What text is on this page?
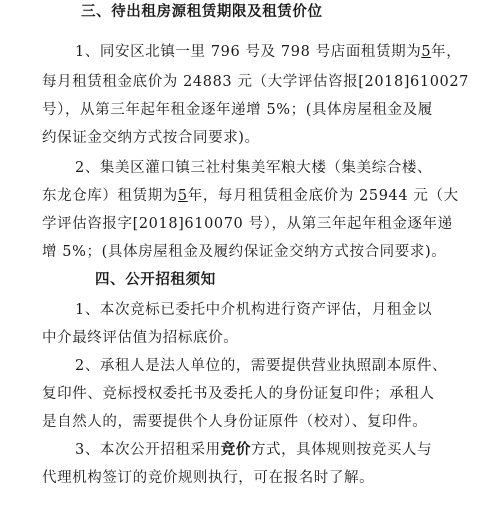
三、待出租房源租赁期限及租赁价位
1、同安区北镇一里 796 号及 798 号店面租赁期为5年，
每月租赁租金底价为 24883 元（大学评估咨报[2018]610027
号），从第三年起年租金逐年递增 5%；(具体房屋租金及履
约保证金交纳方式按合同要求)。
2、集美区灌口镇三社村集美军粮大楼（集美综合楼、
东龙仓库）租赁期为5年，每月租赁租金底价为 25944 元（大
学评估咨报字[2018]610070 号），从第三年起年租金逐年递
增 5%；(具体房屋租金及履约保证金交纳方式按合同要求)。
四、公开招租须知
1、本次竞标已委托中介机构进行资产评估，月租金以
中介最终评估值为招标底价。
2、承租人是法人单位的，需要提供营业执照副本原件、
复印件、竞标授权委托书及委托人的身份证复印件；承租人
是自然人的，需要提供个人身份证原件（校对）、复印件。
3、本次公开招租采用竞价方式，具体规则按竞买人与
代理机构签订的竞价规则执行，可在报名时了解。
